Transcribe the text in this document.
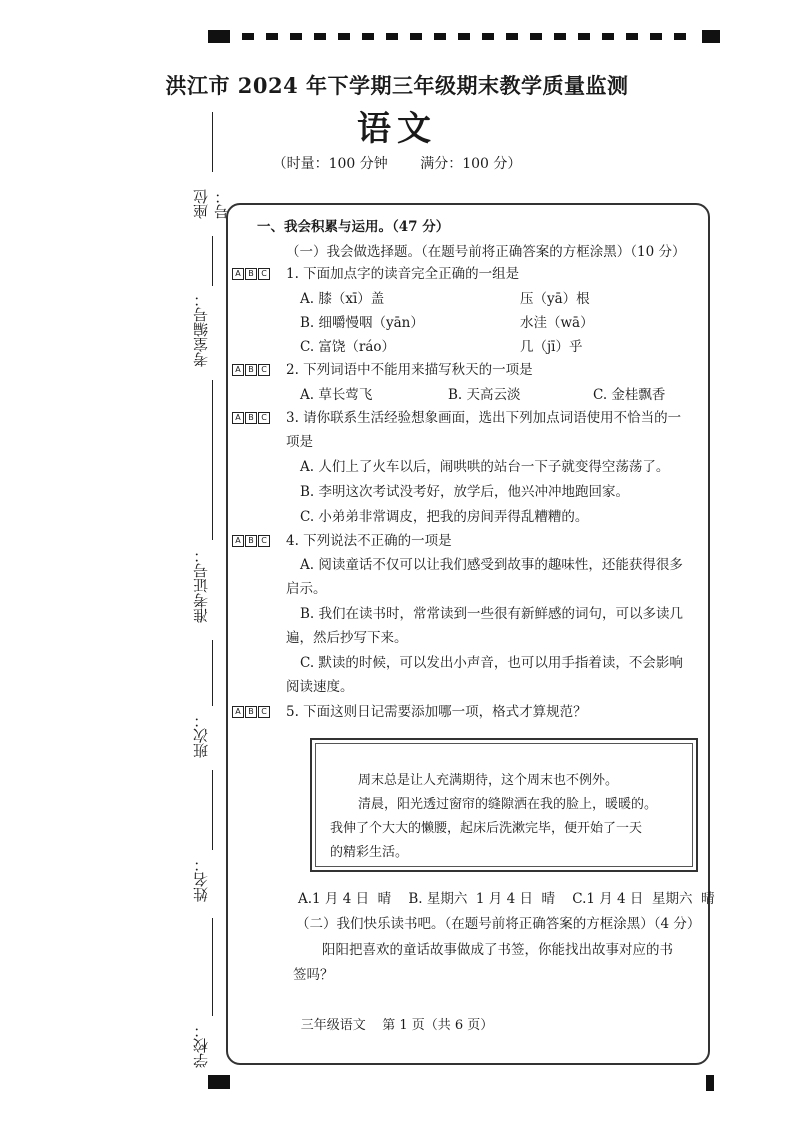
洪江市 2024 年下学期三年级期末教学质量监测
语文
（时量：100 分钟 满分：100 分）
座位号：
考室编号：
准考证号：
班次：
姓名：
学校：
一、我会积累与运用。（47 分）
（一）我会做选择题。（在题号前将正确答案的方框涂黑）（10 分）
A B C 1. 下面加点字的读音完全正确的一组是
A. 膝（xī）盖	压（yā）根
B. 细嚼慢咽（yān）	水洼（wā）
C. 富饶（ráo）	几（jī）乎
A B C 2. 下列词语中不能用来描写秋天的一项是
A. 草长莺飞	B. 天高云淡	C. 金桂飘香
A B C 3. 请你联系生活经验想象画面，选出下列加点词语使用不恰当的一
项是
A. 人们上了火车以后，闹哄哄的站台一下子就变得空荡荡了。
B. 李明这次考试没考好，放学后，他兴冲冲地跑回家。
C. 小弟弟非常调皮，把我的房间弄得乱糟糟的。
A B C 4. 下列说法不正确的一项是
A. 阅读童话不仅可以让我们感受到故事的趣味性，还能获得很多
启示。
B. 我们在读书时，常常读到一些很有新鲜感的词句，可以多读几
遍，然后抄写下来。
C. 默读的时候，可以发出小声音，也可以用手指着读，不会影响
阅读速度。
A B C 5. 下面这则日记需要添加哪一项，格式才算规范？
周末总是让人充满期待，这个周末也不例外。
清晨，阳光透过窗帘的缝隙洒在我的脸上，暖暖的。
我伸了个大大的懒腰，起床后洗漱完毕，便开始了一天
的精彩生活。
A.1 月 4 日  晴    B. 星期六  1 月 4 日  晴    C.1 月 4 日  星期六  晴
（二）我们快乐读书吧。（在题号前将正确答案的方框涂黑）（4 分）
阳阳把喜欢的童话故事做成了书签，你能找出故事对应的书
签吗？
三年级语文    第 1 页（共 6 页）
